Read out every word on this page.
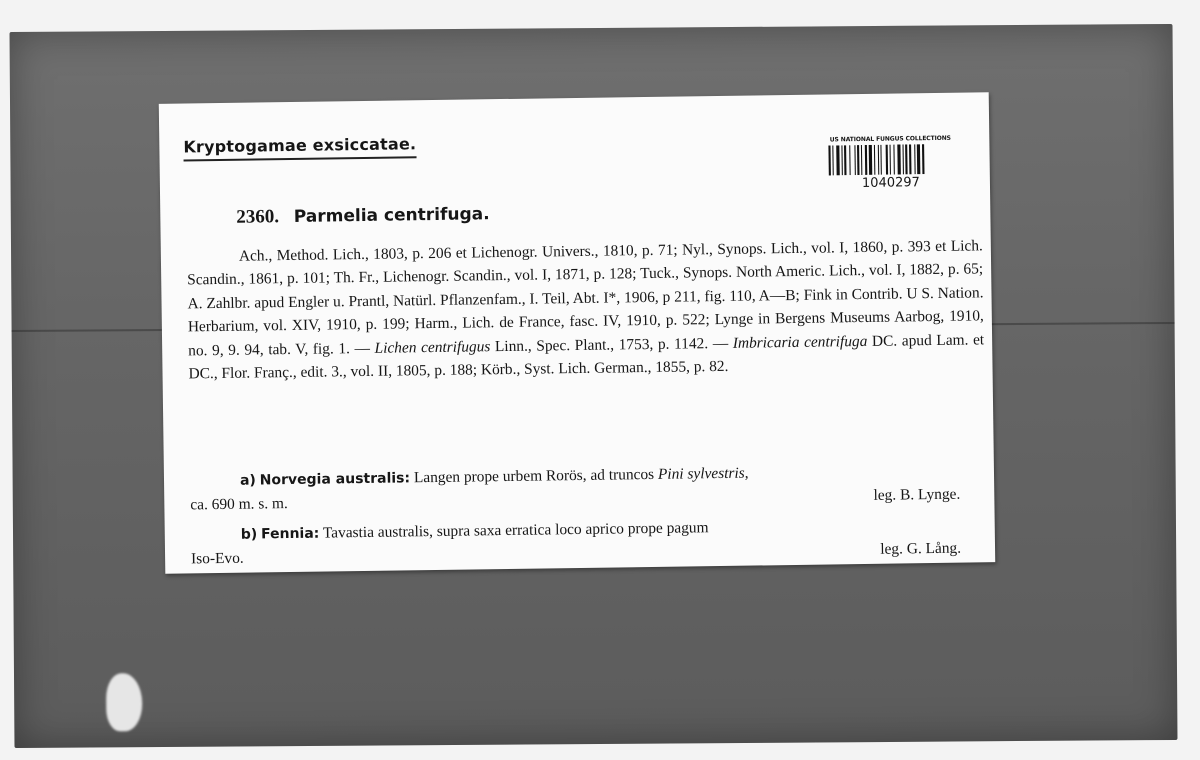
Kryptogamae exsiccatae.	US NATIONAL FUNGUS COLLECTIONS
1040297
2360. Parmelia centrifuga.

Ach., Method. Lich., 1803, p. 206 et Lichenogr. Univers., 1810, p. 71; Nyl., Synops. Lich., vol. I, 1860, p. 393 et Lich. Scandin., 1861, p. 101; Th. Fr., Lichenogr. Scandin., vol. I, 1871, p. 128; Tuck., Synops. North Americ. Lich., vol. I, 1882, p. 65; A. Zahlbr. apud Engler u. Prantl, Natürl. Pflanzenfam., I. Teil, Abt. I*, 1906, p 211, fig. 110, A—B; Fink in Contrib. U S. Nation. Herbarium, vol. XIV, 1910, p. 199; Harm., Lich. de France, fasc. IV, 1910, p. 522; Lynge in Bergens Museums Aarbog, 1910, no. 9, 9. 94, tab. V, fig. 1. — Lichen centrifugus Linn., Spec. Plant., 1753, p. 1142. — Imbricaria centrifuga DC. apud Lam. et DC., Flor. Franç., edit. 3., vol. II, 1805, p. 188; Körb., Syst. Lich. German., 1855, p. 82.

a) Norvegia australis: Langen prope urbem Rorös, ad truncos Pini sylvestris,
leg. B. Lynge.
ca. 690 m. s. m.

b) Fennia: Tavastia australis, supra saxa erratica loco aprico prope pagum
leg. G. Lång.
Iso-Evo.
